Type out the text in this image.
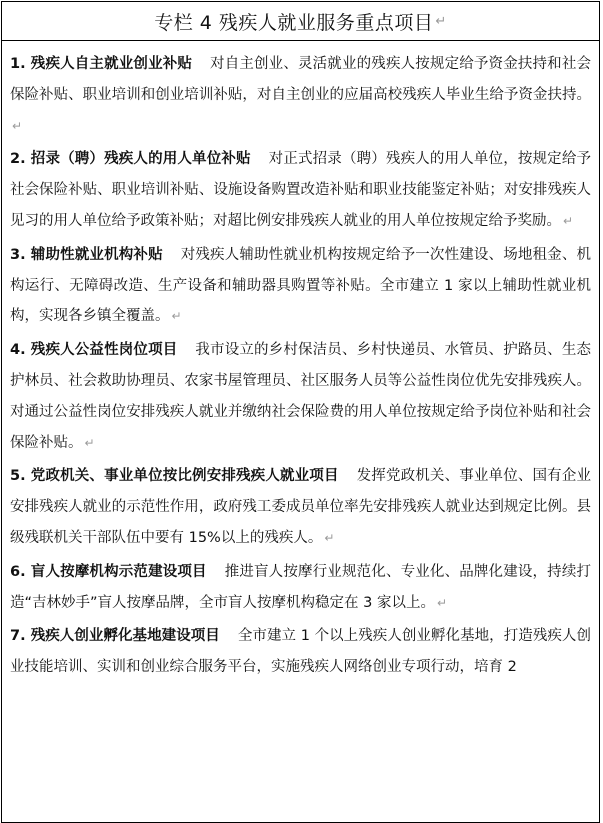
专栏 4 残疾人就业服务重点项目 ↵

1. 残疾人自主就业创业补贴 对自主创业、灵活就业的残疾人按规定给予资金扶持和社会保险补贴、职业培训和创业培训补贴，对自主创业的应届高校残疾人毕业生给予资金扶持。↵

2. 招录（聘）残疾人的用人单位补贴 对正式招录（聘）残疾人的用人单位，按规定给予社会保险补贴、职业培训补贴、设施设备购置改造补贴和职业技能鉴定补贴；对安排残疾人见习的用人单位给予政策补贴；对超比例安排残疾人就业的用人单位按规定给予奖励。 ↵

3. 辅助性就业机构补贴 对残疾人辅助性就业机构按规定给予一次性建设、场地租金、机构运行、无障碍改造、生产设备和辅助器具购置等补贴。全市建立 1 家以上辅助性就业机构，实现各乡镇全覆盖。 ↵

4. 残疾人公益性岗位项目 我市设立的乡村保洁员、乡村快递员、水管员、护路员、生态护林员、社会救助协理员、农家书屋管理员、社区服务人员等公益性岗位优先安排残疾人。对通过公益性岗位安排残疾人就业并缴纳社会保险费的用人单位按规定给予岗位补贴和社会保险补贴。 ↵

5. 党政机关、事业单位按比例安排残疾人就业项目 发挥党政机关、事业单位、国有企业安排残疾人就业的示范性作用，政府残工委成员单位率先安排残疾人就业达到规定比例。县级残联机关干部队伍中要有 15%以上的残疾人。 ↵

6. 盲人按摩机构示范建设项目 推进盲人按摩行业规范化、专业化、品牌化建设，持续打造“吉林妙手”盲人按摩品牌，全市盲人按摩机构稳定在 3 家以上。 ↵

7. 残疾人创业孵化基地建设项目 全市建立 1 个以上残疾人创业孵化基地，打造残疾人创业技能培训、实训和创业综合服务平台，实施残疾人网络创业专项行动，培育 2
